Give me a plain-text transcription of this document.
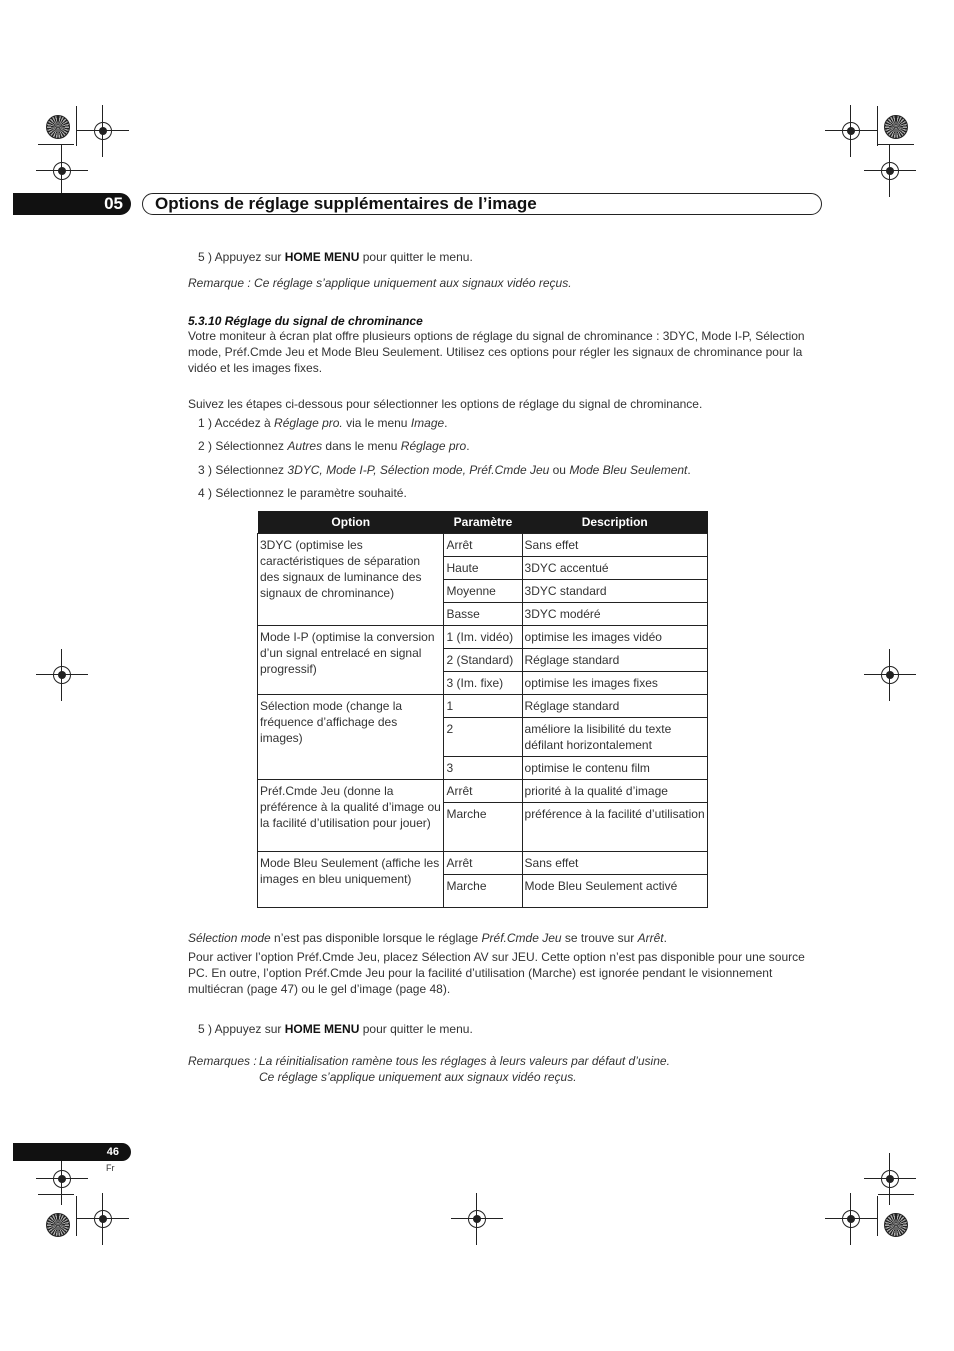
05	Options de réglage supplémentaires de l’image
5 ) Appuyez sur HOME MENU pour quitter le menu.
Remarque : Ce réglage s’applique uniquement aux signaux vidéo reçus.
5.3.10 Réglage du signal de chrominance
Votre moniteur à écran plat offre plusieurs options de réglage du signal de chrominance : 3DYC, Mode I-P, Sélection mode, Préf.Cmde Jeu et Mode Bleu Seulement. Utilisez ces options pour régler les signaux de chrominance pour la vidéo et les images fixes.
Suivez les étapes ci-dessous pour sélectionner les options de réglage du signal de chrominance.
1 ) Accédez à Réglage pro. via le menu Image.
2 ) Sélectionnez Autres dans le menu Réglage pro.
3 ) Sélectionnez 3DYC, Mode I-P, Sélection mode, Préf.Cmde Jeu ou Mode Bleu Seulement.
4 ) Sélectionnez le paramètre souhaité.
Option	Paramètre	Description
3DYC (optimise les caractéristiques de séparation des signaux de luminance des signaux de chrominance)	Arrêt	Sans effet
	Haute	3DYC accentué
	Moyenne	3DYC standard
	Basse	3DYC modéré
Mode I-P (optimise la conversion d’un signal entrelacé en signal progressif)	1 (Im. vidéo)	optimise les images vidéo
	2 (Standard)	Réglage standard
	3 (Im. fixe)	optimise les images fixes
Sélection mode (change la fréquence d’affichage des images)	1	Réglage standard
	2	améliore la lisibilité du texte défilant horizontalement
	3	optimise le contenu film
Préf.Cmde Jeu (donne la préférence à la qualité d’image ou la facilité d’utilisation pour jouer)	Arrêt	priorité à la qualité d’image
	Marche	préférence à la facilité d’utilisation
Mode Bleu Seulement (affiche les images en bleu uniquement)	Arrêt	Sans effet
	Marche	Mode Bleu Seulement activé
Sélection mode n’est pas disponible lorsque le réglage Préf.Cmde Jeu se trouve sur Arrêt.
Pour activer l’option Préf.Cmde Jeu, placez Sélection AV sur JEU. Cette option n’est pas disponible pour une source PC. En outre, l’option Préf.Cmde Jeu pour la facilité d’utilisation (Marche) est ignorée pendant le visionnement multiécran (page 47) ou le gel d’image (page 48).
5 ) Appuyez sur HOME MENU pour quitter le menu.
Remarques : La réinitialisation ramène tous les réglages à leurs valeurs par défaut d’usine.
Ce réglage s’applique uniquement aux signaux vidéo reçus.
46
Fr
